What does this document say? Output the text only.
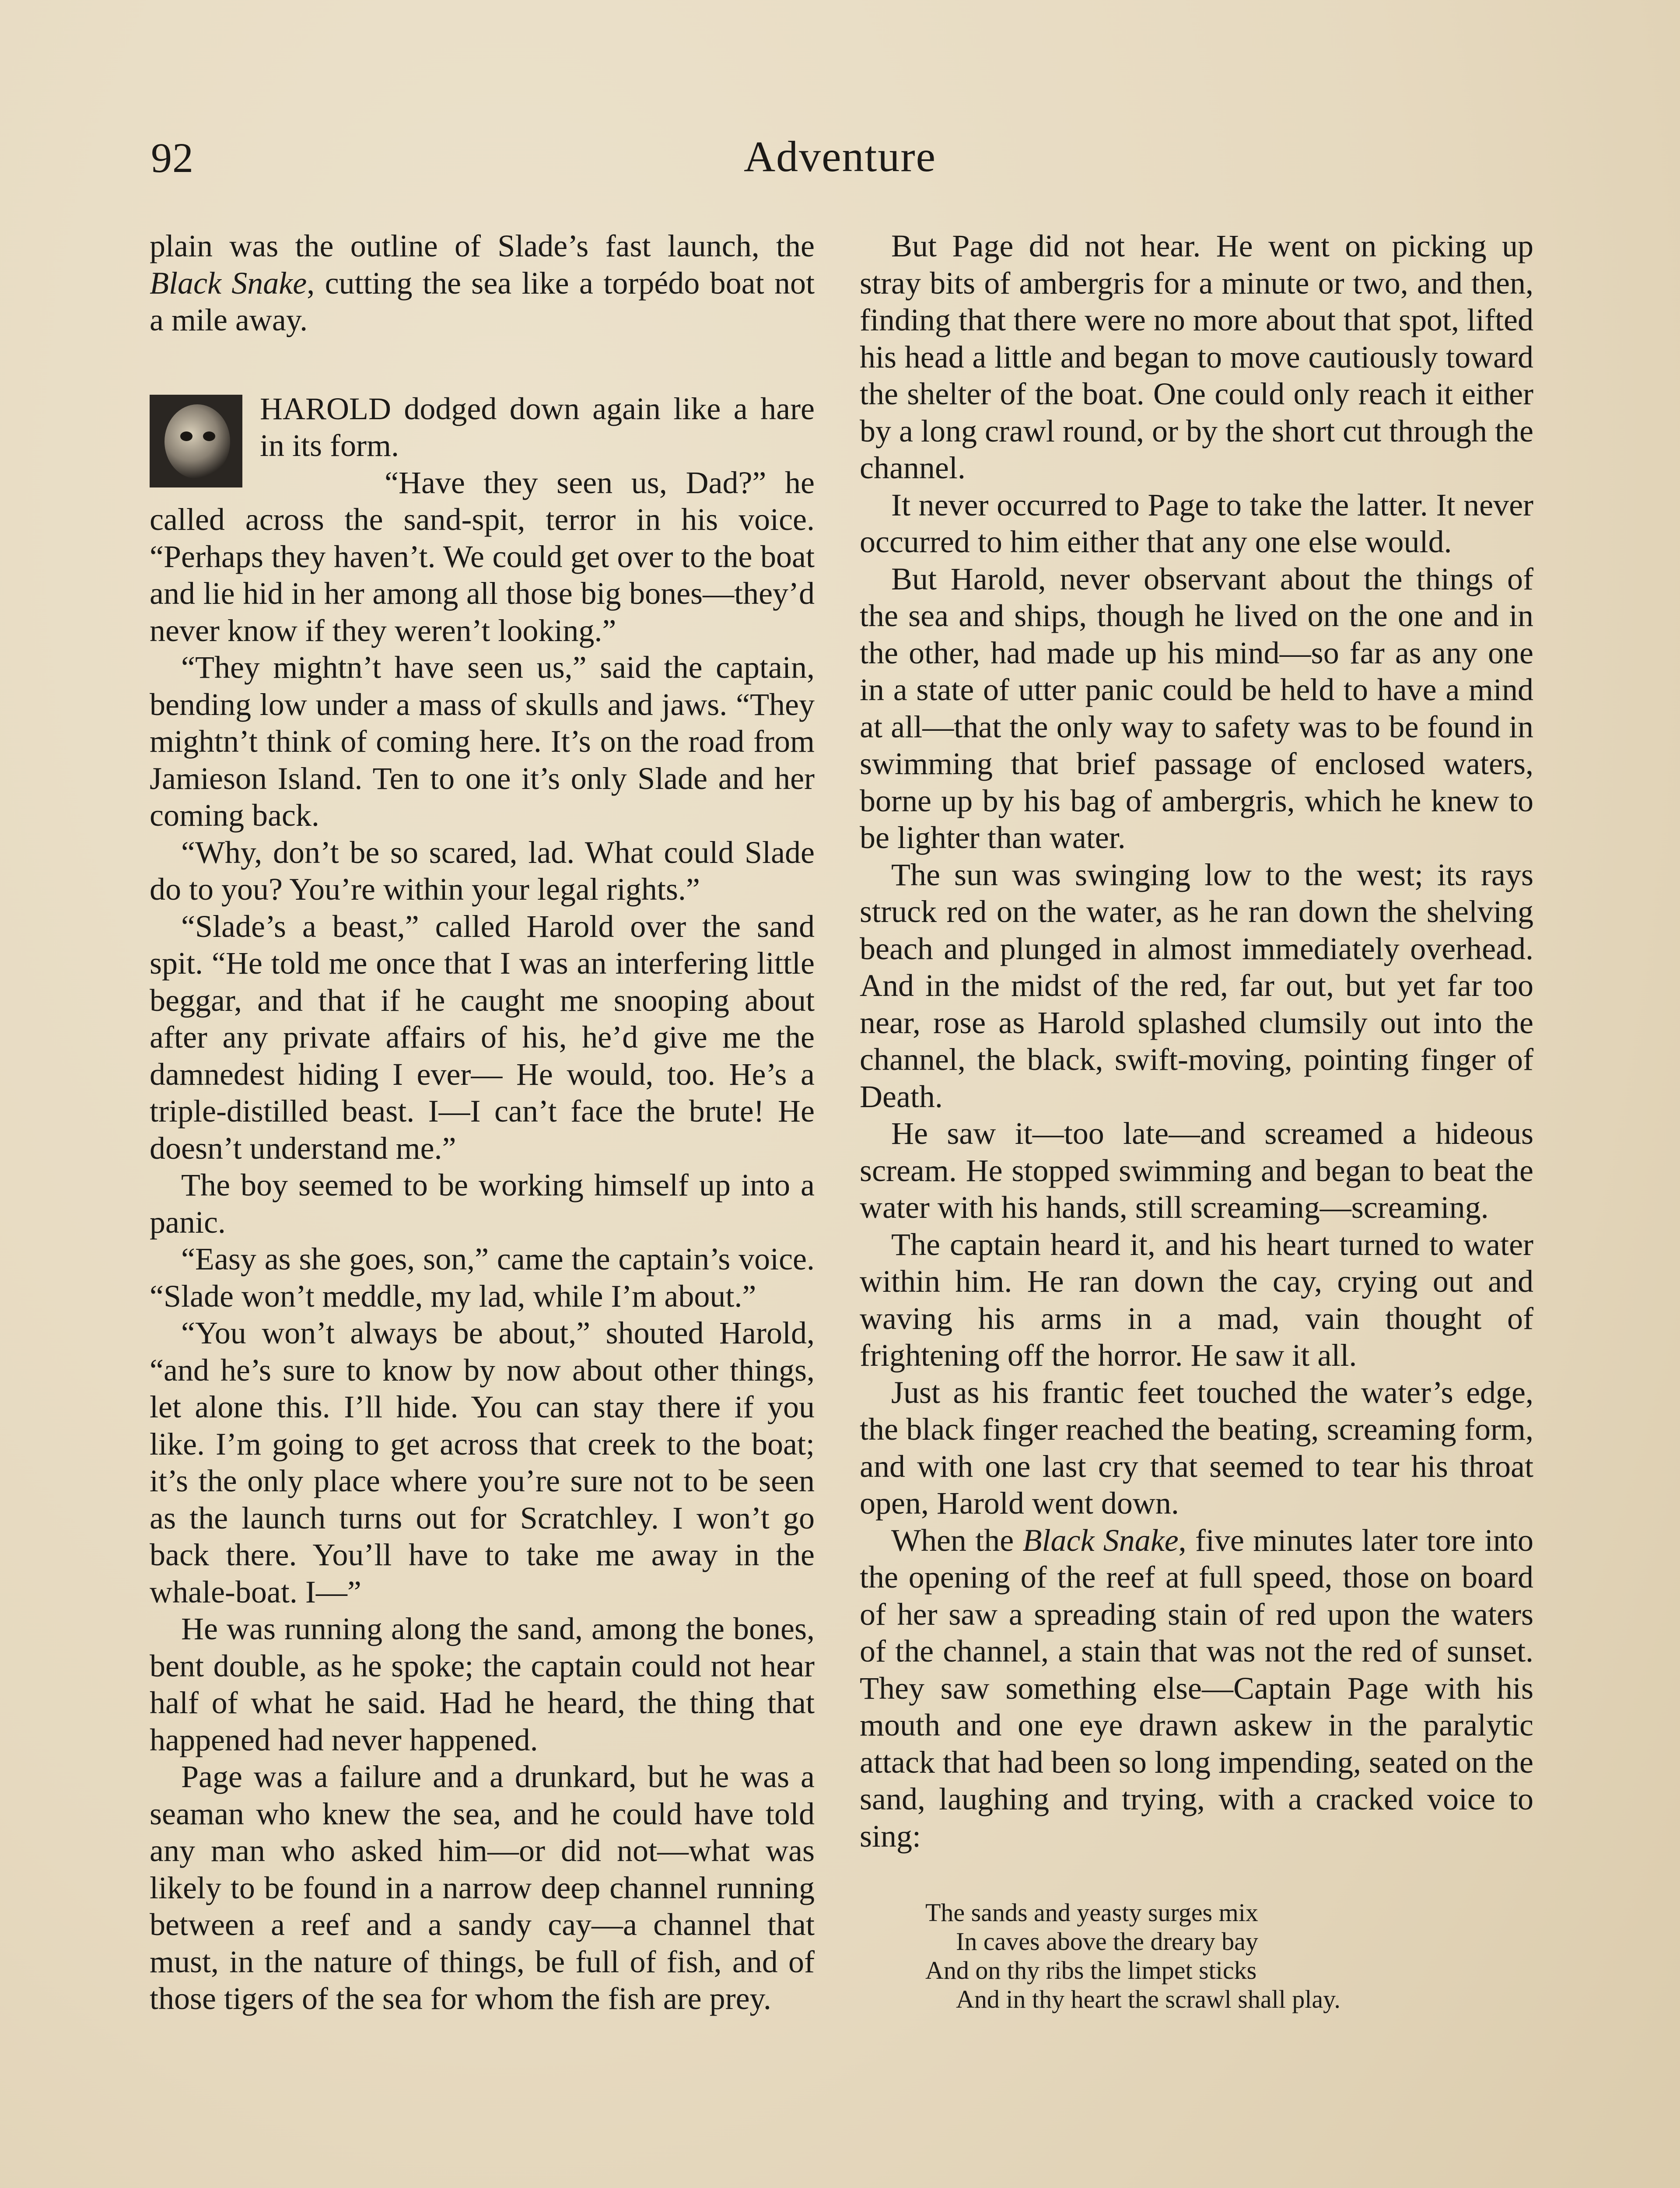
92	Adventure

plain was the outline of Slade’s fast launch, the Black Snake, cutting the sea like a torpédo boat not a mile away.

HAROLD dodged down again like a hare in its form.

“Have they seen us, Dad?” he called across the sand-spit, terror in his voice. “Perhaps they haven’t. We could get over to the boat and lie hid in her among all those big bones—they’d never know if they weren’t looking.”

“They mightn’t have seen us,” said the captain, bending low under a mass of skulls and jaws. “They mightn’t think of coming here. It’s on the road from Jamieson Island. Ten to one it’s only Slade and her coming back.

“Why, don’t be so scared, lad. What could Slade do to you? You’re within your legal rights.”

“Slade’s a beast,” called Harold over the sand spit. “He told me once that I was an interfering little beggar, and that if he caught me snooping about after any private affairs of his, he’d give me the damnedest hiding I ever— He would, too. He’s a triple-distilled beast. I—I can’t face the brute! He doesn’t understand me.”

The boy seemed to be working himself up into a panic.

“Easy as she goes, son,” came the captain’s voice. “Slade won’t meddle, my lad, while I’m about.”

“You won’t always be about,” shouted Harold, “and he’s sure to know by now about other things, let alone this. I’ll hide. You can stay there if you like. I’m going to get across that creek to the boat; it’s the only place where you’re sure not to be seen as the launch turns out for Scratchley. I won’t go back there. You’ll have to take me away in the whale-boat. I—”

He was running along the sand, among the bones, bent double, as he spoke; the captain could not hear half of what he said. Had he heard, the thing that happened had never happened.

Page was a failure and a drunkard, but he was a seaman who knew the sea, and he could have told any man who asked him—or did not—what was likely to be found in a narrow deep channel running between a reef and a sandy cay—a channel that must, in the nature of things, be full of fish, and of those tigers of the sea for whom the fish are prey.

But Page did not hear. He went on picking up stray bits of ambergris for a minute or two, and then, finding that there were no more about that spot, lifted his head a little and began to move cautiously toward the shelter of the boat. One could only reach it either by a long crawl round, or by the short cut through the channel.

It never occurred to Page to take the latter. It never occurred to him either that any one else would.

But Harold, never observant about the things of the sea and ships, though he lived on the one and in the other, had made up his mind—so far as any one in a state of utter panic could be held to have a mind at all—that the only way to safety was to be found in swimming that brief passage of enclosed waters, borne up by his bag of ambergris, which he knew to be lighter than water.

The sun was swinging low to the west; its rays struck red on the water, as he ran down the shelving beach and plunged in almost immediately overhead. And in the midst of the red, far out, but yet far too near, rose as Harold splashed clumsily out into the channel, the black, swift-moving, pointing finger of Death.

He saw it—too late—and screamed a hideous scream. He stopped swimming and began to beat the water with his hands, still screaming—screaming.

The captain heard it, and his heart turned to water within him. He ran down the cay, crying out and waving his arms in a mad, vain thought of frightening off the horror. He saw it all.

Just as his frantic feet touched the water’s edge, the black finger reached the beating, screaming form, and with one last cry that seemed to tear his throat open, Harold went down.

When the Black Snake, five minutes later tore into the opening of the reef at full speed, those on board of her saw a spreading stain of red upon the waters of the channel, a stain that was not the red of sunset. They saw something else—Captain Page with his mouth and one eye drawn askew in the paralytic attack that had been so long impending, seated on the sand, laughing and trying, with a cracked voice to sing:

The sands and yeasty surges mix
In caves above the dreary bay
And on thy ribs the limpet sticks
And in thy heart the scrawl shall play.
